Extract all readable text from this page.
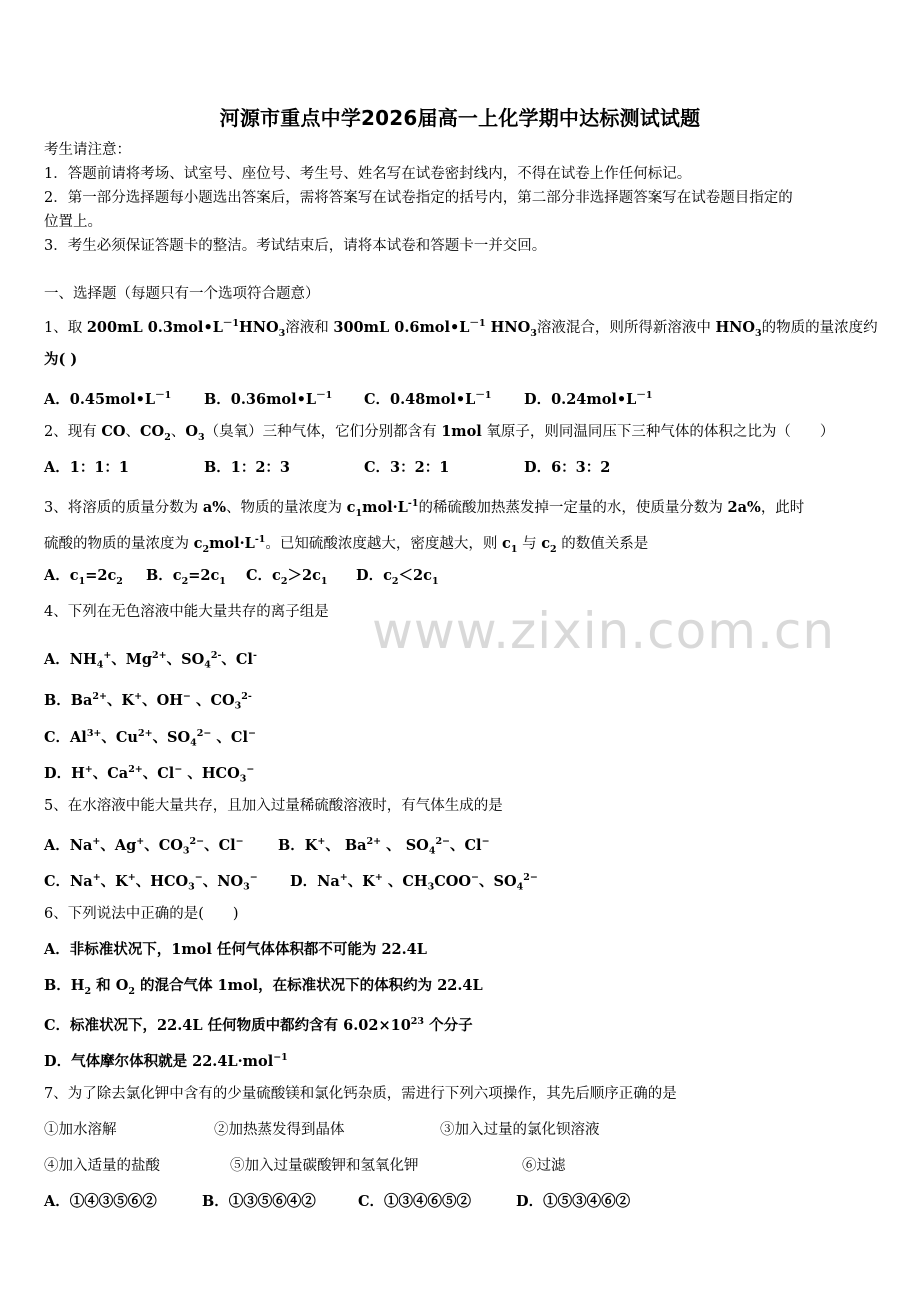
www.zixin.com.cn
河源市重点中学2026届高一上化学期中达标测试试题
考生请注意：
1．答题前请将考场、试室号、座位号、考生号、姓名写在试卷密封线内，不得在试卷上作任何标记。
2．第一部分选择题每小题选出答案后，需将答案写在试卷指定的括号内，第二部分非选择题答案写在试卷题目指定的
位置上。
3．考生必须保证答题卡的整洁。考试结束后，请将本试卷和答题卡一并交回。
一、选择题（每题只有一个选项符合题意）
1、取 200mL $0.3mol•L^{-1}HNO_3$溶液和 300mL $0.6mol•L^{-1}$ $HNO_3$溶液混合，则所得新溶液中 $HNO_3$的物质的量浓度约
为( )
A．$0.45mol•L^{-1}$ B．$0.36mol•L^{-1}$ C．$0.48mol•L^{-1}$ D．$0.24mol•L^{-1}$
2、现有 CO、$CO_2$、$O_3$（臭氧）三种气体，它们分别都含有 1mol 氧原子，则同温同压下三种气体的体积之比为（　　）
A．1：1：1	B．1：2：3	C．3：2：1	D．6：3：2
3、将溶质的质量分数为 a%、物质的量浓度为 $c_1mol\cdot L^{-1}$的稀硫酸加热蒸发掉一定量的水，使质量分数为 2a%，此时
硫酸的物质的量浓度为 $c_2mol\cdot L^{-1}$。已知硫酸浓度越大，密度越大，则 $c_1$ 与 $c_2$ 的数值关系是
A．$c_1=2c_2$ B．$c_2=2c_1$ C．$c_2>2c_1$ D．$c_2<2c_1$
4、下列在无色溶液中能大量共存的离子组是
A．$NH_4^+$、$Mg^{2+}$、$SO_4^{2-}$、Cl-
B．$Ba^{2+}$、K+、OH− 、$CO_3^{2-}$
C．$Al^{3+}$、$Cu^{2+}$、$SO_4^{2-}$ 、Cl−
D．H+、$Ca^{2+}$、Cl− 、$HCO_3^-$
5、在水溶液中能大量共存，且加入过量稀硫酸溶液时，有气体生成的是
A．Na+、Ag+、$CO_3^{2-}$、Cl− B．K+、 $Ba^{2+}$ 、 $SO_4^{2-}$、Cl−
C．Na+、K+、$HCO_3^-$、$NO_3^-$ D．Na+、K+ 、$CH_3COO^-$、$SO_4^{2-}$
6、下列说法中正确的是(　　)
A．非标准状况下，1mol 任何气体体积都不可能为 22.4L
B．$H_2$ 和 $O_2$ 的混合气体 1mol，在标准状况下的体积约为 22.4L
C．标准状况下，22.4L 任何物质中都约含有 $6.02\times 10^{23}$ 个分子
D．气体摩尔体积就是 22.4L·mol$^{-1}$
7、为了除去氯化钾中含有的少量硫酸镁和氯化钙杂质，需进行下列六项操作，其先后顺序正确的是
①加水溶解	②加热蒸发得到晶体	③加入过量的氯化钡溶液
④加入适量的盐酸	⑤加入过量碳酸钾和氢氧化钾	⑥过滤
A．①④③⑤⑥②	B．①③⑤⑥④②	C．①③④⑥⑤②	D．①⑤③④⑥②
